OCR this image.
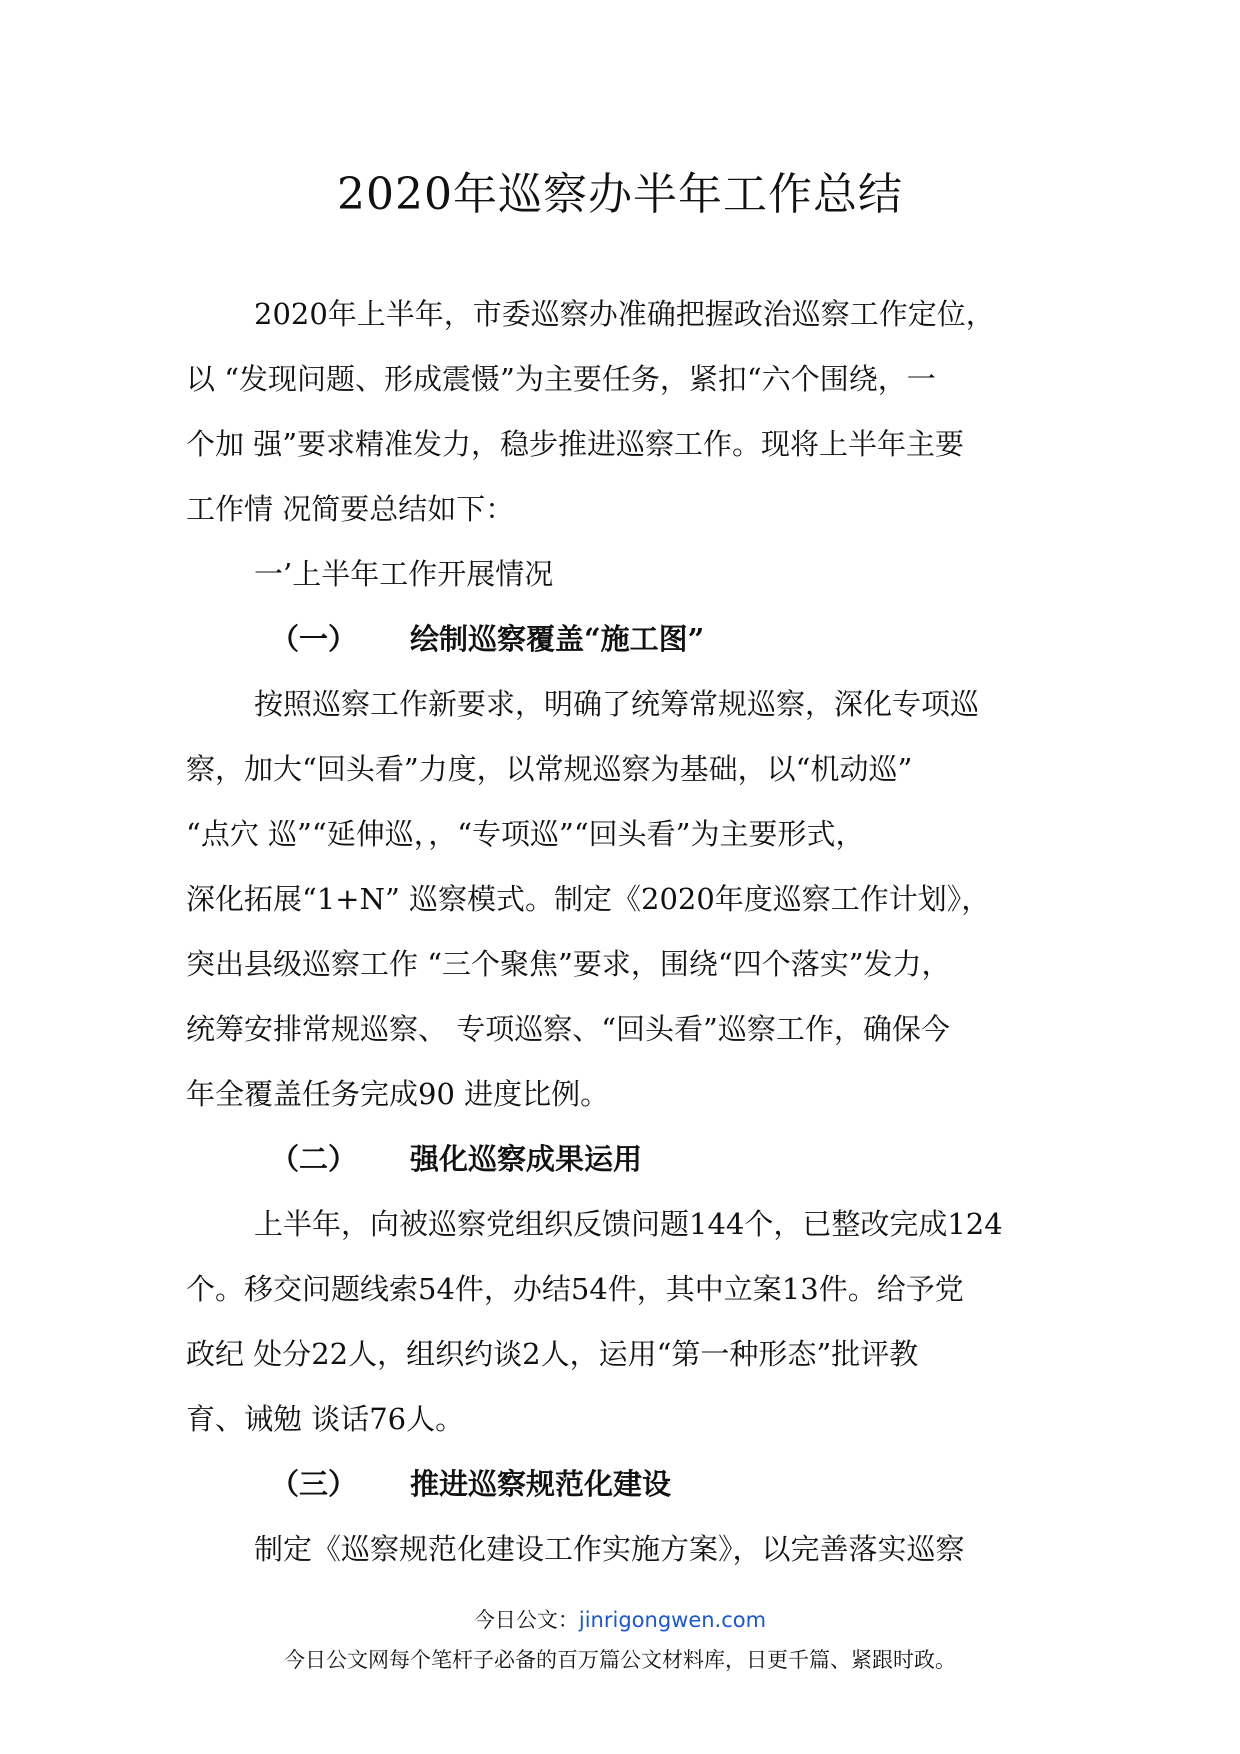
2020年巡察办半年工作总结
2020年上半年，市委巡察办准确把握政治巡察工作定位，
以 “发现问题、形成震慑”为主要任务，紧扣“六个围绕，一
个加 强”要求精准发力，稳步推进巡察工作。现将上半年主要
工作情 况简要总结如下：
一’上半年工作开展情况
（一） 绘制巡察覆盖“施工图”
按照巡察工作新要求，明确了统筹常规巡察，深化专项巡
察，加大“回头看”力度，以常规巡察为基础，以“机动巡”
“点穴 巡”“延伸巡，，“专项巡”“回头看”为主要形式，
深化拓展“1+N” 巡察模式。制定《2020年度巡察工作计划》，
突出县级巡察工作 “三个聚焦”要求，围绕“四个落实”发力，
统筹安排常规巡察、 专项巡察、“回头看”巡察工作，确保今
年全覆盖任务完成90 进度比例。
（二） 强化巡察成果运用
上半年，向被巡察党组织反馈问题144个，已整改完成124
个。移交问题线索54件，办结54件，其中立案13件。给予党
政纪 处分22人，组织约谈2人，运用“第一种形态”批评教
育、诫勉 谈话76人。
（三） 推进巡察规范化建设
制定《巡察规范化建设工作实施方案》，以完善落实巡察
今日公文：jinrigongwen.com
今日公文网每个笔杆子必备的百万篇公文材料库，日更千篇、紧跟时政。
